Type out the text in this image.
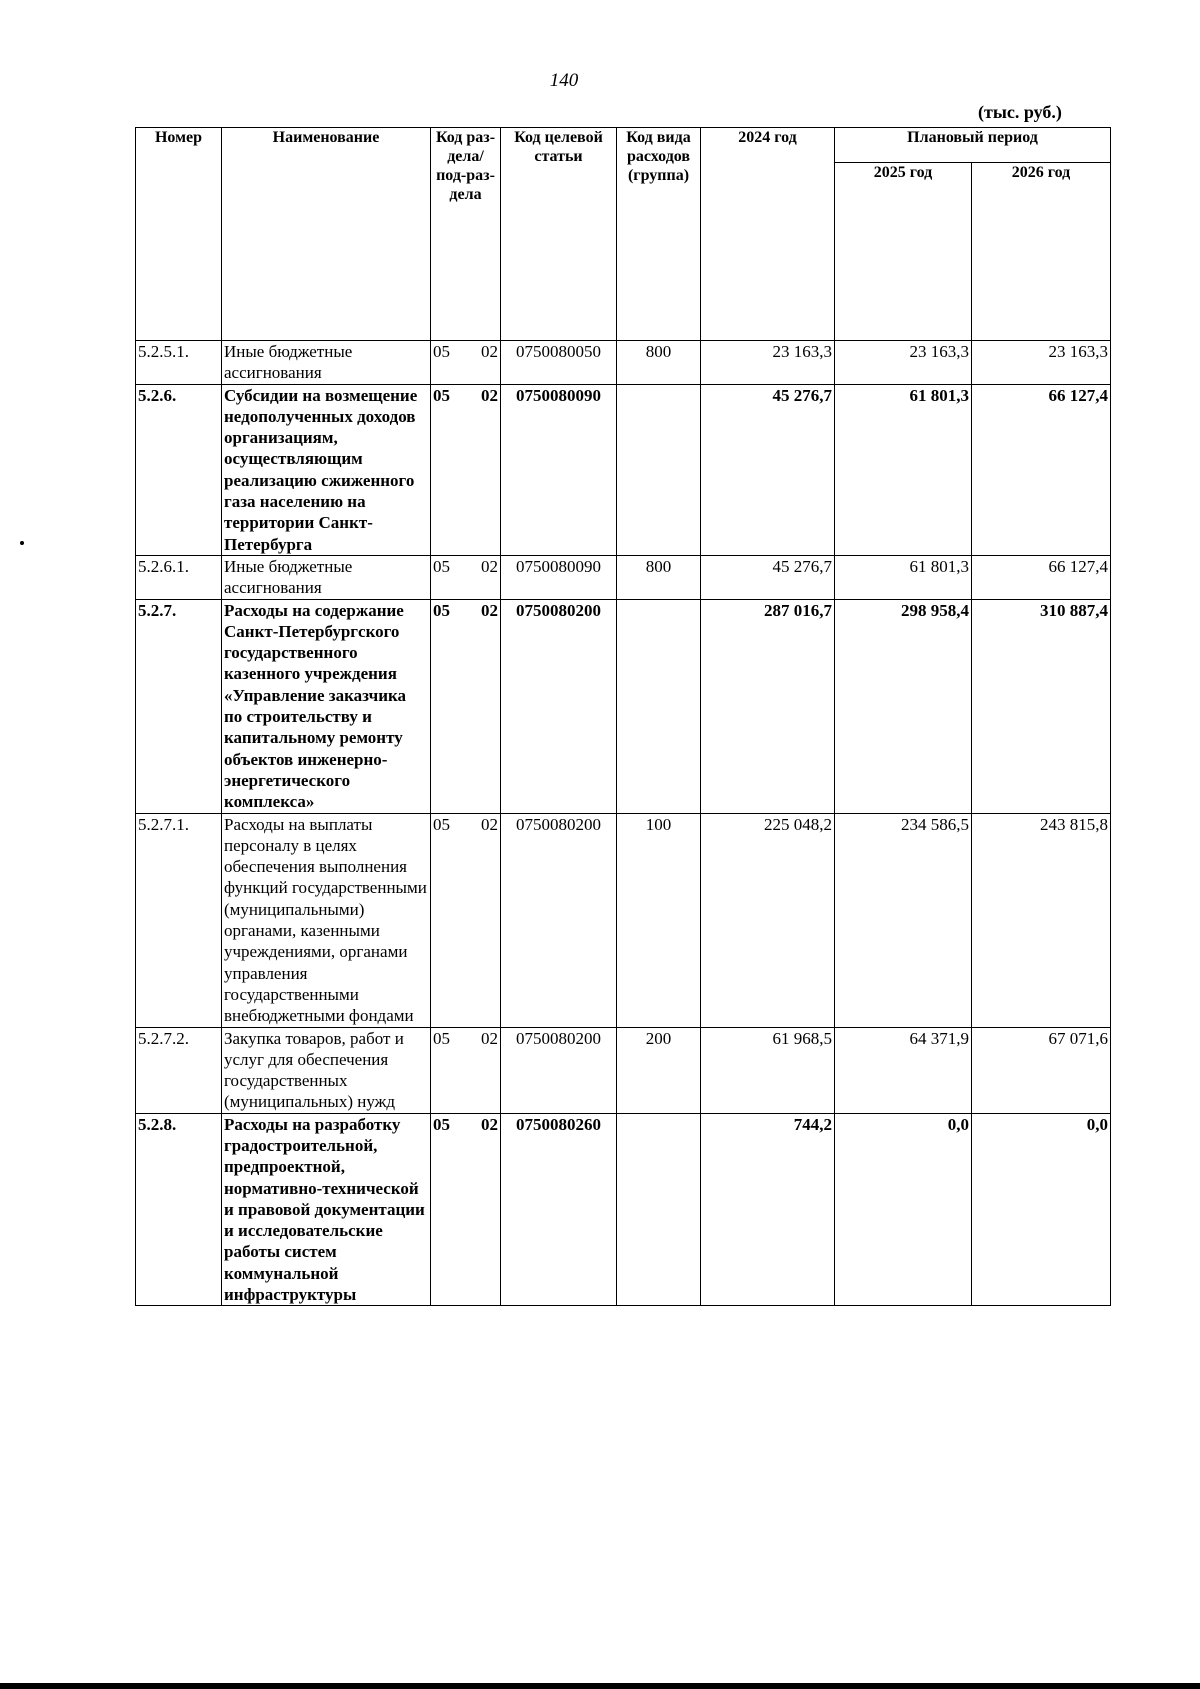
140
(тыс. руб.)
Номер	Наименование	Код раз-дела/ под-раз-дела	Код целевой статьи	Код вида расходов (группа)	2024 год	Плановый период	
						2025 год	2026 год
5.2.5.1.	Иные бюджетные ассигнования	05 02	0750080050	800	23 163,3	23 163,3	23 163,3
5.2.6.	Субсидии на возмещение недополученных доходов организациям, осуществляющим реализацию сжиженного газа населению на территории Санкт-Петербурга	05 02	0750080090		45 276,7	61 801,3	66 127,4
5.2.6.1.	Иные бюджетные ассигнования	05 02	0750080090	800	45 276,7	61 801,3	66 127,4
5.2.7.	Расходы на содержание Санкт-Петербургского государственного казенного учреждения «Управление заказчика по строительству и капитальному ремонту объектов инженерно-энергетического комплекса»	05 02	0750080200		287 016,7	298 958,4	310 887,4
5.2.7.1.	Расходы на выплаты персоналу в целях обеспечения выполнения функций государственными (муниципальными) органами, казенными учреждениями, органами управления государственными внебюджетными фондами	05 02	0750080200	100	225 048,2	234 586,5	243 815,8
5.2.7.2.	Закупка товаров, работ и услуг для обеспечения государственных (муниципальных) нужд	05 02	0750080200	200	61 968,5	64 371,9	67 071,6
5.2.8.	Расходы на разработку градостроительной, предпроектной, нормативно-технической и правовой документации и исследовательские работы систем коммунальной инфраструктуры	05 02	0750080260		744,2	0,0	0,0
